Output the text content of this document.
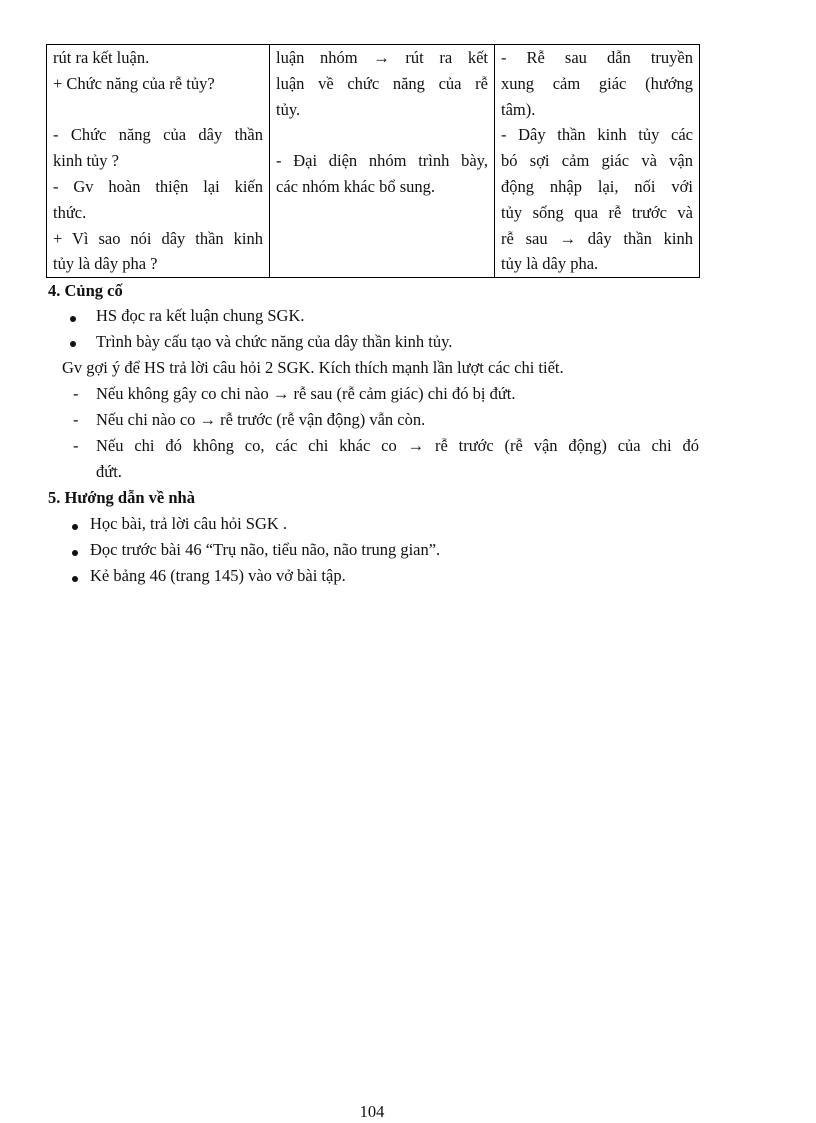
rút ra kết luận.
+ Chức năng của rễ tủy?

- Chức năng của dây thần
kinh tủy ?
- Gv hoàn thiện lại kiến
thức.
+ Vì sao nói dây thần kinh
tủy là dây pha ?
luận nhóm → rút ra kết
luận về chức năng của rễ
tủy.

- Đại diện nhóm trình bày,
các nhóm khác bổ sung.
- Rễ sau dẫn truyền
xung cảm giác (hướng
tâm).
- Dây thần kinh tủy các
bó sợi cảm giác và vận
động nhập lại, nối với
tủy sống qua rễ trước và
rễ sau → dây thần kinh
tủy là dây pha.
4. Củng cố
HS đọc ra kết luận chung SGK.
Trình bày cấu tạo và chức năng của dây thần kinh tủy.
Gv gợi ý để HS trả lời câu hỏi 2 SGK. Kích thích mạnh lần lượt các chi tiết.
- Nếu không gây co chi nào → rễ sau (rễ cảm giác) chi đó bị đứt.
- Nếu chi nào co → rễ trước (rễ vận động) vẫn còn.
- Nếu chi đó không co, các chi khác co → rễ trước (rễ vận động) của chi đó
đứt.
5. Hướng dẫn về nhà
Học bài, trả lời câu hỏi SGK .
Đọc trước bài 46 “Trụ não, tiểu não, não trung gian”.
Kẻ bảng 46 (trang 145) vào vở bài tập.
104
